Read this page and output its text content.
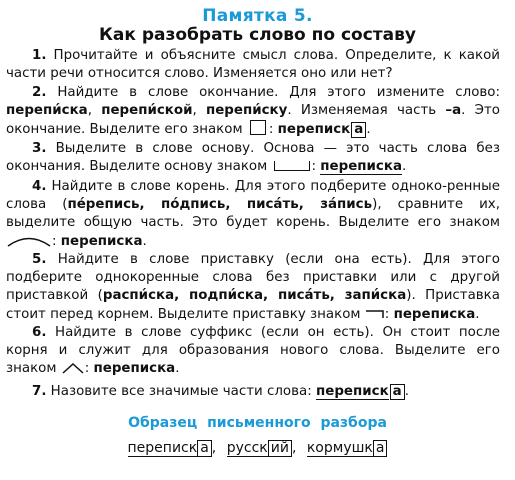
Памятка 5.
Как разобрать слово по составу
1. Прочитайте и объясните смысл слова. Определите, к какой части речи относится слово. Изменяется оно или нет?
2. Найдите в слове окончание. Для этого измените слово: перепи́ска, перепи́ской, перепи́ску. Изменяемая часть –а. Это окончание. Выделите его знаком : переписк а .
3. Выделите в слове основу. Основа — это часть слова без окончания. Выделите основу знаком	: переписка.
4. Найдите в слове корень. Для этого подберите одноко-ренные слова (пе́репись, по́дпись, писа́ть, за́пись), сравните их, выделите общую часть. Это будет корень. Выделите его знаком : переписка.
5. Найдите в слове приставку (если она есть). Для этого подберите однокоренные слова без приставки или с другой приставкой (распи́ска, подпи́ска, писа́ть, запи́ска). Приставка стоит перед корнем. Выделите приставку знаком : переписка.
6. Найдите в слове суффикс (если он есть). Он стоит после корня и служит для образования нового слова. Выделите его знаком : переписка.
7. Назовите все значимые части слова: переписк а .
Образец письменного разбора
переписк а , русск ий , кормушк а
